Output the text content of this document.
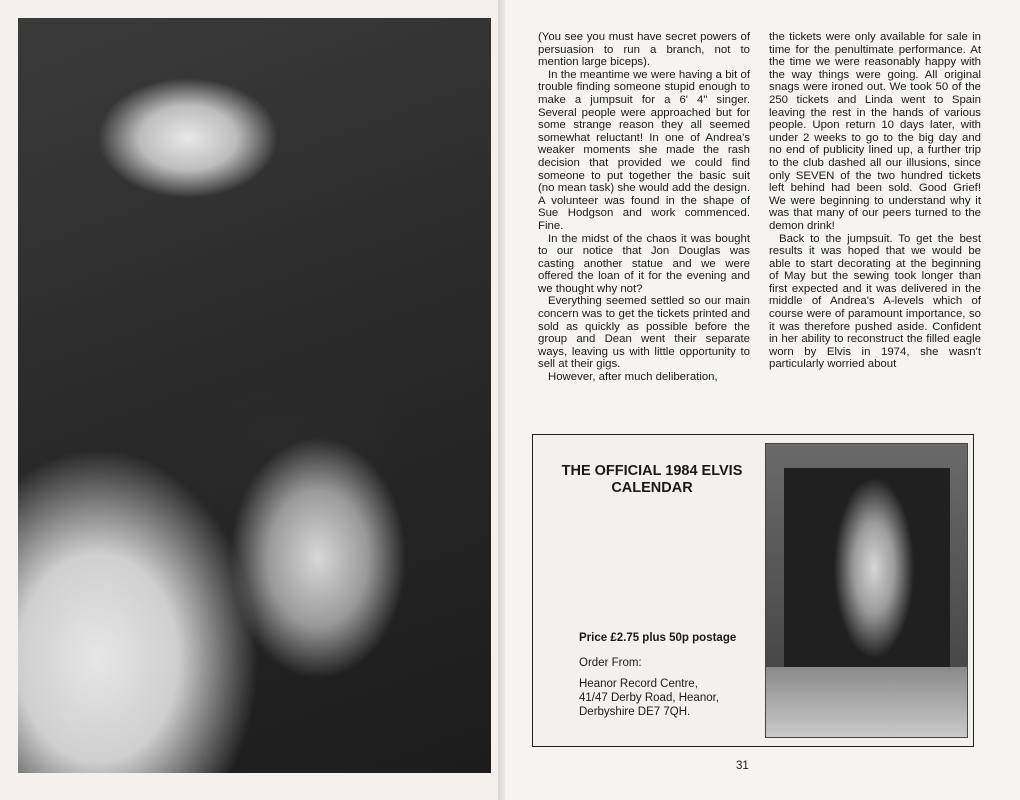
(You see you must have secret powers of persuasion to run a branch, not to mention large biceps).

In the meantime we were having a bit of trouble finding someone stupid enough to make a jumpsuit for a 6' 4" singer. Several people were approached but for some strange reason they all seemed somewhat reluctant! In one of Andrea's weaker moments she made the rash decision that provided we could find someone to put together the basic suit (no mean task) she would add the design. A volunteer was found in the shape of Sue Hodgson and work commenced. Fine.

In the midst of the chaos it was bought to our notice that Jon Douglas was casting another statue and we were offered the loan of it for the evening and we thought why not?

Everything seemed settled so our main concern was to get the tickets printed and sold as quickly as possible before the group and Dean went their separate ways, leaving us with little opportunity to sell at their gigs.

However, after much deliberation,

the tickets were only available for sale in time for the penultimate performance. At the time we were reasonably happy with the way things were going. All original snags were ironed out. We took 50 of the 250 tickets and Linda went to Spain leaving the rest in the hands of various people. Upon return 10 days later, with under 2 weeks to go to the big day and no end of publicity lined up, a further trip to the club dashed all our illusions, since only SEVEN of the two hundred tickets left behind had been sold. Good Grief! We were beginning to understand why it was that many of our peers turned to the demon drink!

Back to the jumpsuit. To get the best results it was hoped that we would be able to start decorating at the beginning of May but the sewing took longer than first expected and it was delivered in the middle of Andrea's A-levels which of course were of paramount importance, so it was therefore pushed aside. Confident in her ability to reconstruct the filled eagle worn by Elvis in 1974, she wasn't particularly worried about

THE OFFICIAL 1984 ELVIS CALENDAR
Price £2.75 plus 50p postage
Order From:
Heanor Record Centre,
41/47 Derby Road, Heanor,
Derbyshire DE7 7QH.
31
